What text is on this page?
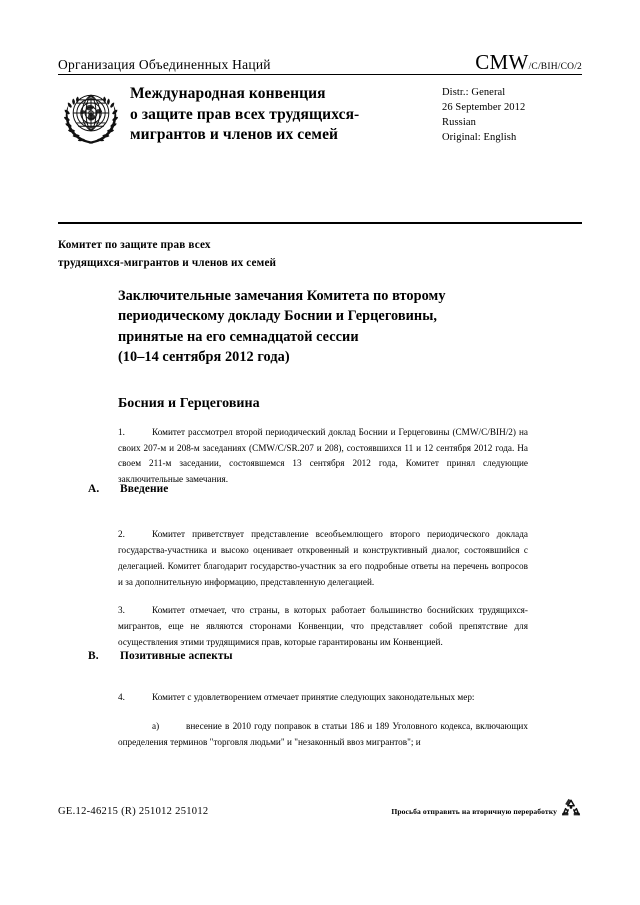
Организация Объединенных Наций	CMW/C/BIH/CO/2
Международная конвенция
о защите прав всех трудящихся-
мигрантов и членов их семей
Distr.: General
26 September 2012
Russian
Original: English
Комитет по защите прав всех
трудящихся-мигрантов и членов их семей
Заключительные замечания Комитета по второму
периодическому докладу Боснии и Герцеговины,
принятые на его семнадцатой сессии
(10–14 сентября 2012 года)
Босния и Герцеговина

1.	Комитет рассмотрел второй периодический доклад Боснии и Герцеговины (CMW/C/BIH/2) на своих 207-м и 208-м заседаниях (CMW/C/SR.207 и 208), состоявшихся 11 и 12 сентября 2012 года. На своем 211-м заседании, состоявшемся 13 сентября 2012 года, Комитет принял следующие заключительные замечания.

2.	Комитет приветствует представление всеобъемлющего второго периодического доклада государства-участника и высоко оценивает откровенный и конструктивный диалог, состоявшийся с делегацией. Комитет благодарит государство-участник за его подробные ответы на перечень вопросов и за дополнительную информацию, представленную делегацией.

3.	Комитет отмечает, что страны, в которых работает большинство боснийских трудящихся-мигрантов, еще не являются сторонами Конвенции, что представляет собой препятствие для осуществления этими трудящимися прав, которые гарантированы им Конвенцией.

4.	Комитет с удовлетворением отмечает принятие следующих законодательных мер:

a)	внесение в 2010 году поправок в статьи 186 и 189 Уголовного кодекса, включающих определения терминов "торговля людьми" и "незаконный ввоз мигрантов"; и

A. Введение
B. Позитивные аспекты
GE.12-46215 (R) 251012 251012	Просьба отправить на вторичную переработку
